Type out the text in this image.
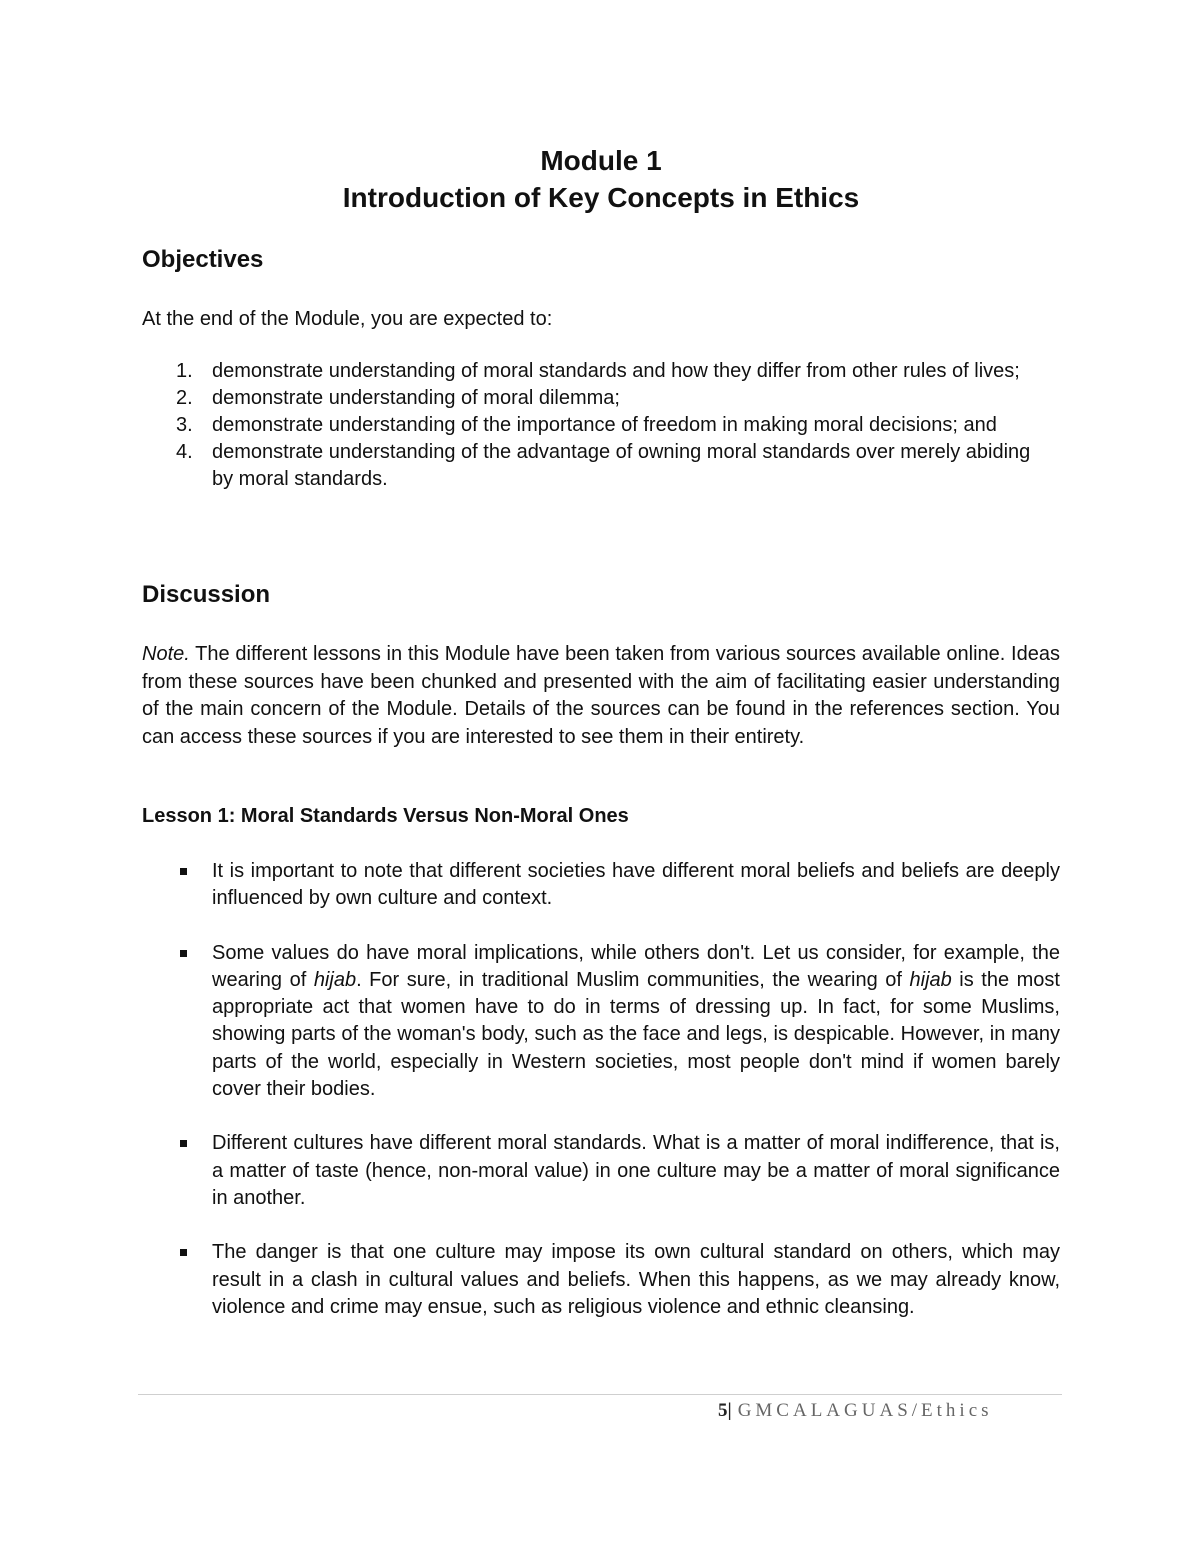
Module 1
Introduction of Key Concepts in Ethics
Objectives

At the end of the Module, you are expected to:

1. demonstrate understanding of moral standards and how they differ from other rules of lives;
2. demonstrate understanding of moral dilemma;
3. demonstrate understanding of the importance of freedom in making moral decisions; and
4. demonstrate understanding of the advantage of owning moral standards over merely abiding by moral standards.
Discussion

Note. The different lessons in this Module have been taken from various sources available online. Ideas from these sources have been chunked and presented with the aim of facilitating easier understanding of the main concern of the Module. Details of the sources can be found in the references section. You can access these sources if you are interested to see them in their entirety.

Lesson 1: Moral Standards Versus Non-Moral Ones
It is important to note that different societies have different moral beliefs and beliefs are deeply influenced by own culture and context.
Some values do have moral implications, while others don't. Let us consider, for example, the wearing of hijab. For sure, in traditional Muslim communities, the wearing of hijab is the most appropriate act that women have to do in terms of dressing up. In fact, for some Muslims, showing parts of the woman's body, such as the face and legs, is despicable. However, in many parts of the world, especially in Western societies, most people don't mind if women barely cover their bodies.
Different cultures have different moral standards. What is a matter of moral indifference, that is, a matter of taste (hence, non-moral value) in one culture may be a matter of moral significance in another.
The danger is that one culture may impose its own cultural standard on others, which may result in a clash in cultural values and beliefs. When this happens, as we may already know, violence and crime may ensue, such as religious violence and ethnic cleansing.
5| GMCALAGUAS/Ethics
